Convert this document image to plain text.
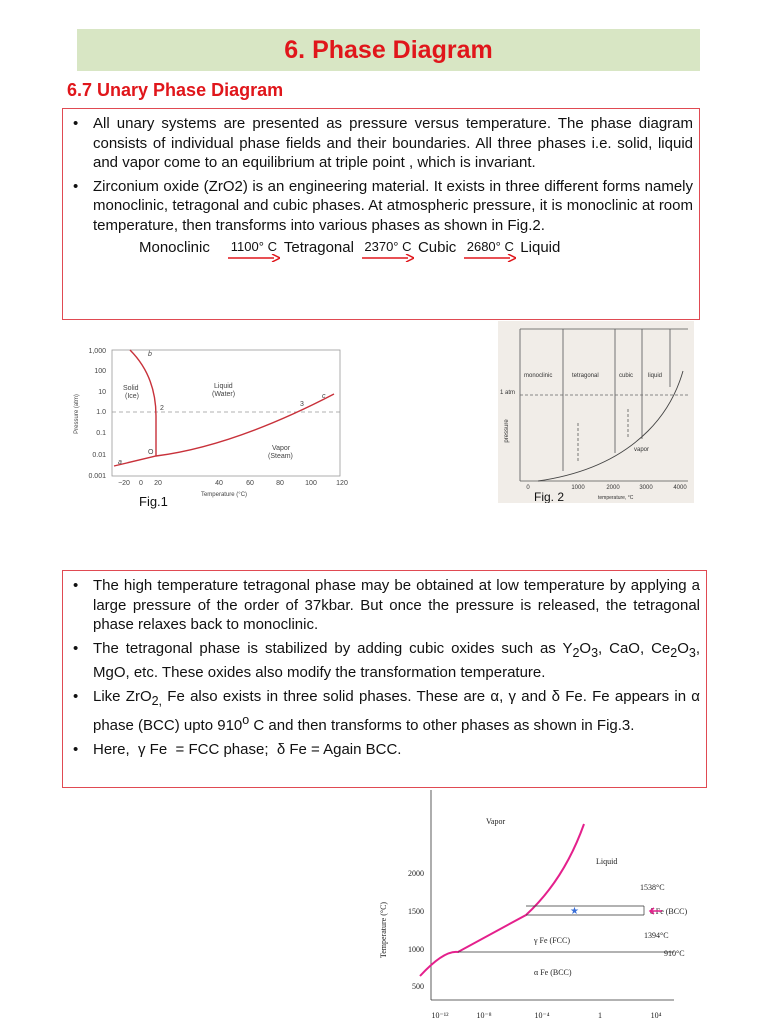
6. Phase Diagram
6.7 Unary Phase Diagram
• All unary systems are presented as pressure versus temperature. The phase diagram consists of individual phase fields and their boundaries. All three phases i.e. solid, liquid and vapor come to an equilibrium at triple point , which is invariant.
• Zirconium oxide (ZrO2) is an engineering material. It exists in three different forms namely monoclinic, tetragonal and cubic phases. At atmospheric pressure, it is monoclinic at room temperature, then transforms into various phases as shown in Fig.2.
Monoclinic 1100° C Tetragonal 2370° C Cubic 2680° C Liquid
1,000
100
10
1.0
0.1
0.01
0.001
−20 0 20	40	60	80	100	120
Temperature (°C)
Pressure (atm)
Solid
(Ice)
Liquid
(Water)
Vapor
(Steam)
b
c
a
O
2
3
Fig.1
monoclinic	tetragonal	cubic liquid
1 atm
vapor
pressure
0	1000	2000	3000	4000
temperature, °C
Fig. 2
• The high temperature tetragonal phase may be obtained at low temperature by applying a large pressure of the order of 37kbar. But once the pressure is released, the tetragonal phase relaxes back to monoclinic.
• The tetragonal phase is stabilized by adding cubic oxides such as $Y_2O_3$, CaO, $Ce_2O_3$, MgO, etc. These oxides also modify the transformation temperature.
• Like ZrO$_{2,}$ Fe also exists in three solid phases. These are α, γ and δ Fe. Fe appears in α phase (BCC) upto 910$^o$ C and then transforms to other phases as shown in Fig.3.
• Here,  γ Fe  = FCC phase;  δ Fe = Again BCC.
2000
1500
1000
500
10⁻¹²	10⁻⁸	10⁻⁴	1	10⁴
Temperature (°C)
Vapor
Liquid
1538°C
1394°C
910°C
δ Fe (BCC)
γ Fe (FCC)
α Fe (BCC)
★
